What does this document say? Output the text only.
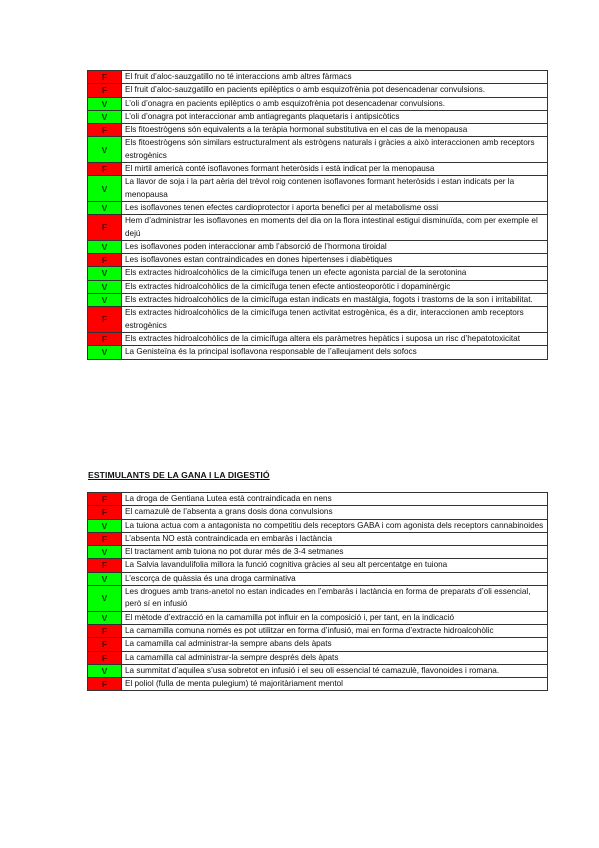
F	El fruit d’aloc-sauzgatillo no té interaccions amb altres fàrmacs
F	El fruit d’aloc-sauzgatillo en pacients epilèptics o amb esquizofrènia pot desencadenar convulsions.
V	L’oli d’onagra en pacients epilèptics o amb esquizofrènia pot desencadenar convulsions.
V	L’oli d’onagra pot interaccionar amb antiagregants plaquetaris i antipsicòtics
F	Els fitoestrògens són equivalents a la teràpia hormonal substitutiva en el cas de la menopausa
V	Els fitoestrògens són similars estructuralment als estrògens naturals i gràcies a això interaccionen amb receptors estrogènics
F	El mirtil americà conté isoflavones formant heteròsids i està indicat per la menopausa
V	La llavor de soja i la part aèria del trèvol roig contenen isoflavones formant heteròsids i estan indicats per la menopausa
V	Les isoflavones tenen efectes cardioprotector i aporta benefici per al metabolisme ossi
F	Hem d’administrar les isoflavones en moments del dia on la flora intestinal estigui disminuïda, com per exemple el dejú
V	Les isoflavones poden interaccionar amb l’absorció de l’hormona tiroidal
F	Les isoflavones estan contraindicades en dones hipertenses i diabètiques
V	Els extractes hidroalcohòlics de la cimicífuga tenen un efecte agonista parcial de la serotonina
V	Els extractes hidroalcohòlics de la cimicífuga tenen efecte antiosteoporòtic i dopaminèrgic
V	Els extractes hidroalcohòlics de la cimicífuga estan indicats en mastàlgia, fogots i trastorns de la son i irritabilitat.
F	Els extractes hidroalcohòlics de la cimicífuga tenen activitat estrogènica, és a dir, interaccionen amb receptors estrogènics
F	Els extractes hidroalcohòlics de la cimicífuga altera els paràmetres hepàtics i suposa un risc d’hepatotoxicitat
V	La Genisteïna és la principal isoflavona responsable de l’alleujament dels sofocs
ESTIMULANTS DE LA GANA I LA DIGESTIÓ
F	La droga de Gentiana Lutea està contraindicada en nens
F	El camazulè de l’absenta a grans dosis dona convulsions
V	La tuiona actua com a antagonista no competitiu dels receptors GABA i com agonista dels receptors cannabinoides
F	L’absenta NO està contraindicada en embaràs i lactància
V	El tractament amb tuiona no pot durar més de 3-4 setmanes
F	La Salvia lavandulifolia millora la funció cognitiva gràcies al seu alt percentatge en tuiona
V	L’escorça de quàssia és una droga carminativa
V	Les drogues amb trans-anetol no estan indicades en l’embaràs i lactància en forma de preparats d’oli essencial, però sí en infusió
V	El mètode d’extracció en la camamilla pot influir en la composició i, per tant, en la indicació
F	La camamilla comuna només es pot utilitzar en forma d’infusió, mai en forma d’extracte hidroalcohòlic
F	La camamilla cal administrar-la sempre abans dels àpats
F	La camamilla cal administrar-la sempre després dels àpats
V	La summitat d’aquilea s’usa sobretot en infusió i el seu oli essencial té camazulè, flavonoides i romana.
F	El poliol (fulla de menta pulegium) té majoritàriament mentol
